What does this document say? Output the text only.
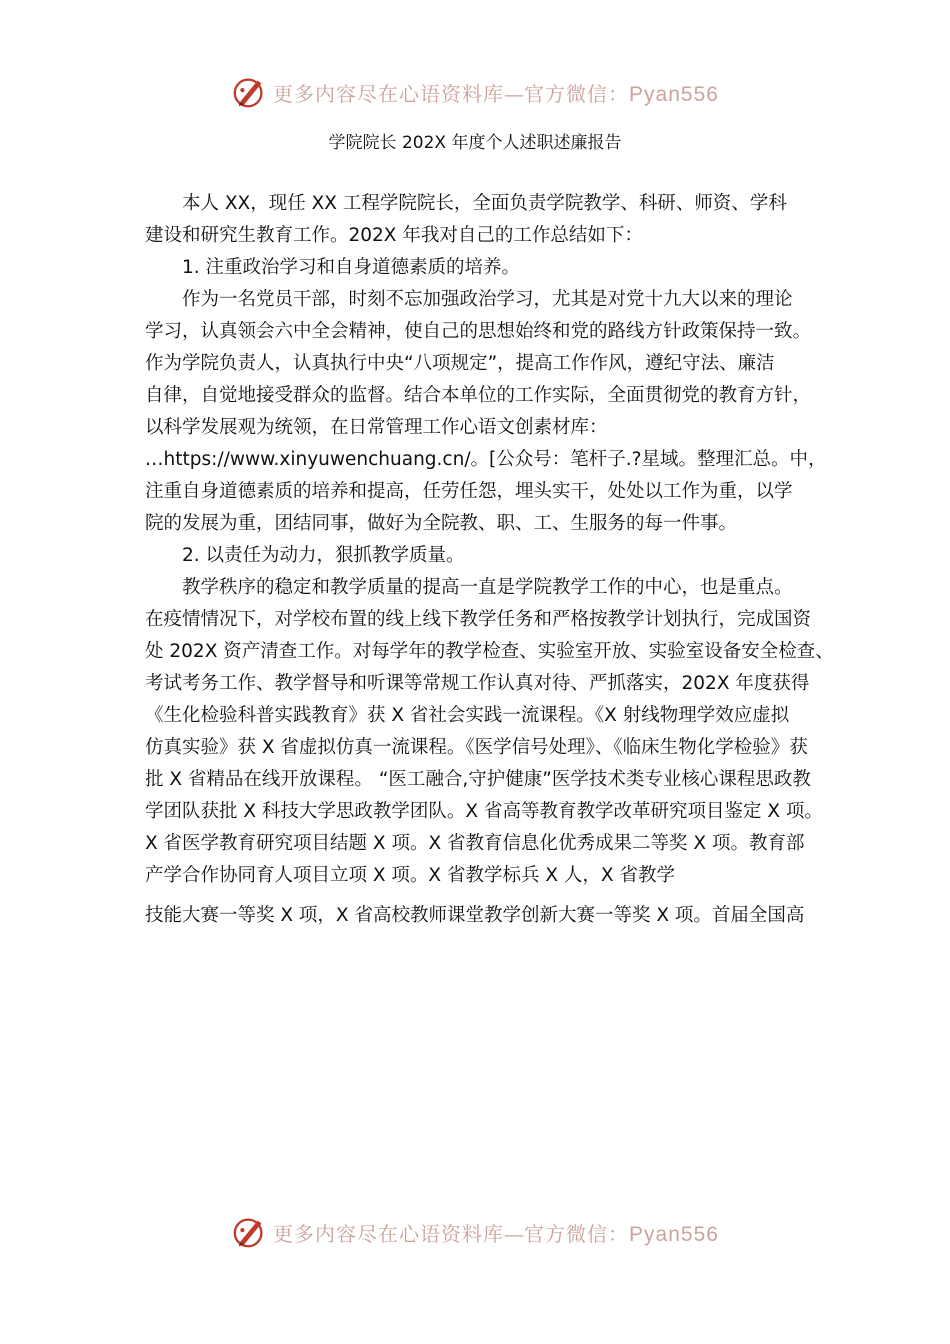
更多内容尽在心语资料库—官方微信：Pyan556
学院院长 202X 年度个人述职述廉报告
本人 XX，现任 XX 工程学院院长，全面负责学院教学、科研、师资、学科
建设和研究生教育工作。202X 年我对自己的工作总结如下：
1. 注重政治学习和自身道德素质的培养。
作为一名党员干部，时刻不忘加强政治学习，尤其是对党十九大以来的理论
学习，认真领会六中全会精神，使自己的思想始终和党的路线方针政策保持一致。
作为学院负责人，认真执行中央“八项规定”，提高工作作风，遵纪守法、廉洁
自律，自觉地接受群众的监督。结合本单位的工作实际，全面贯彻党的教育方针，
以科学发展观为统领，在日常管理工作心语文创素材库：
…https://www.xinyuwenchuang.cn/。[公众号：笔杆子.?星域。整理汇总。中，
注重自身道德素质的培养和提高，任劳任怨，埋头实干，处处以工作为重，以学
院的发展为重，团结同事，做好为全院教、职、工、生服务的每一件事。
2. 以责任为动力，狠抓教学质量。
教学秩序的稳定和教学质量的提高一直是学院教学工作的中心，也是重点。
在疫情情况下，对学校布置的线上线下教学任务和严格按教学计划执行，完成国资
处 202X 资产清查工作。对每学年的教学检查、实验室开放、实验室设备安全检查、
考试考务工作、教学督导和听课等常规工作认真对待、严抓落实，202X 年度获得
《生化检验科普实践教育》获 X 省社会实践一流课程。《X 射线物理学效应虚拟
仿真实验》获 X 省虚拟仿真一流课程。《医学信号处理》、《临床生物化学检验》获
批 X 省精品在线开放课程。 “医工融合,守护健康”医学技术类专业核心课程思政教
学团队获批 X 科技大学思政教学团队。X 省高等教育教学改革研究项目鉴定 X 项。
X 省医学教育研究项目结题 X 项。X 省教育信息化优秀成果二等奖 X 项。教育部
产学合作协同育人项目立项 X 项。X 省教学标兵 X 人，X 省教学
技能大赛一等奖 X 项，X 省高校教师课堂教学创新大赛一等奖 X 项。首届全国高
更多内容尽在心语资料库—官方微信：Pyan556
